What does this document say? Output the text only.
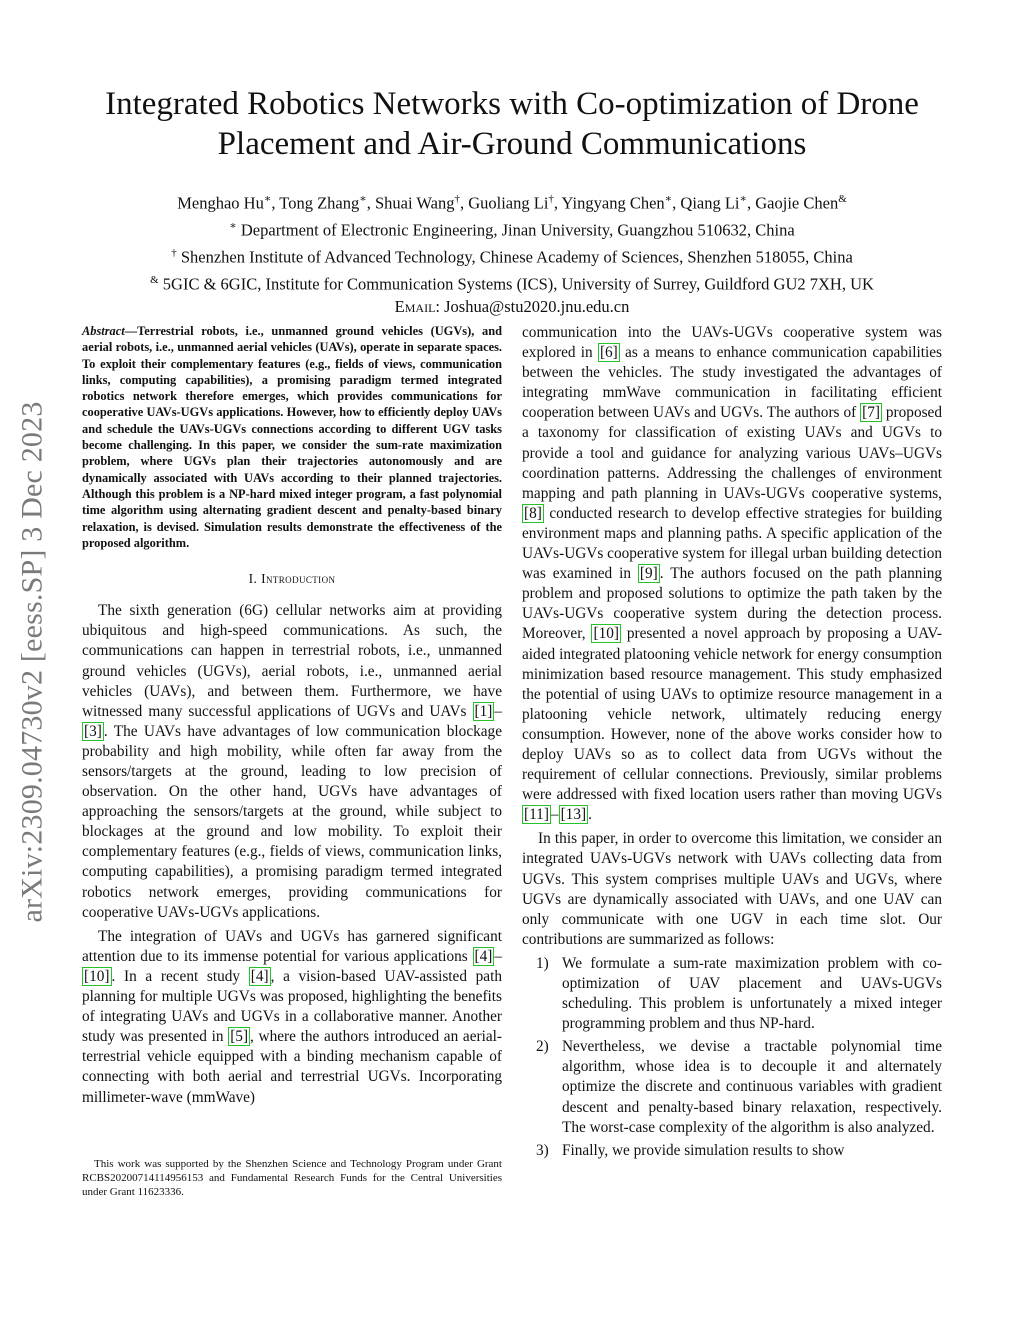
arXiv:2309.04730v2 [eess.SP] 3 Dec 2023
Integrated Robotics Networks with Co-optimization of Drone Placement and Air-Ground Communications
Menghao Hu∗, Tong Zhang∗, Shuai Wang†, Guoliang Li†, Yingyang Chen∗, Qiang Li∗, Gaojie Chen&
∗ Department of Electronic Engineering, Jinan University, Guangzhou 510632, China
† Shenzhen Institute of Advanced Technology, Chinese Academy of Sciences, Shenzhen 518055, China
& 5GIC & 6GIC, Institute for Communication Systems (ICS), University of Surrey, Guildford GU2 7XH, UK
Email: Joshua@stu2020.jnu.edu.cn

Abstract—Terrestrial robots, i.e., unmanned ground vehicles (UGVs), and aerial robots, i.e., unmanned aerial vehicles (UAVs), operate in separate spaces. To exploit their complementary features (e.g., fields of views, communication links, computing capabilities), a promising paradigm termed integrated robotics network therefore emerges, which provides communications for cooperative UAVs-UGVs applications. However, how to efficiently deploy UAVs and schedule the UAVs-UGVs connections according to different UGV tasks become challenging. In this paper, we consider the sum-rate maximization problem, where UGVs plan their trajectories autonomously and are dynamically associated with UAVs according to their planned trajectories. Although this problem is a NP-hard mixed integer program, a fast polynomial time algorithm using alternating gradient descent and penalty-based binary relaxation, is devised. Simulation results demonstrate the effectiveness of the proposed algorithm.

I. Introduction

The sixth generation (6G) cellular networks aim at providing ubiquitous and high-speed communications. As such, the communications can happen in terrestrial robots, i.e., unmanned ground vehicles (UGVs), aerial robots, i.e., unmanned aerial vehicles (UAVs), and between them. Furthermore, we have witnessed many successful applications of UGVs and UAVs [1] –[3] . The UAVs have advantages of low communication blockage probability and high mobility, while often far away from the sensors/targets at the ground, leading to low precision of observation. On the other hand, UGVs have advantages of approaching the sensors/targets at the ground, while subject to blockages at the ground and low mobility. To exploit their complementary features (e.g., fields of views, communication links, computing capabilities), a promising paradigm termed integrated robotics network emerges, providing communications for cooperative UAVs-UGVs applications.

The integration of UAVs and UGVs has garnered significant attention due to its immense potential for various applications [4] –[10] . In a recent study [4] , a vision-based UAV-assisted path planning for multiple UGVs was proposed, highlighting the benefits of integrating UAVs and UGVs in a collaborative manner. Another study was presented in [5] , where the authors introduced an aerial-terrestrial vehicle equipped with a binding mechanism capable of connecting with both aerial and terrestrial UGVs. Incorporating millimeter-wave (mmWave)

This work was supported by the Shenzhen Science and Technology Program under Grant RCBS20200714114956153 and Fundamental Research Funds for the Central Universities under Grant 11623336.

communication into the UAVs-UGVs cooperative system was explored in [6] as a means to enhance communication capabilities between the vehicles. The study investigated the advantages of integrating mmWave communication in facilitating efficient cooperation between UAVs and UGVs. The authors of [7] proposed a taxonomy for classification of existing UAVs and UGVs to provide a tool and guidance for analyzing various UAVs–UGVs coordination patterns. Addressing the challenges of environment mapping and path planning in UAVs-UGVs cooperative systems, [8] conducted research to develop effective strategies for building environment maps and planning paths. A specific application of the UAVs-UGVs cooperative system for illegal urban building detection was examined in [9] . The authors focused on the path planning problem and proposed solutions to optimize the path taken by the UAVs-UGVs cooperative system during the detection process. Moreover, [10] presented a novel approach by proposing a UAV-aided integrated platooning vehicle network for energy consumption minimization based resource management. This study emphasized the potential of using UAVs to optimize resource management in a platooning vehicle network, ultimately reducing energy consumption. However, none of the above works consider how to deploy UAVs so as to collect data from UGVs without the requirement of cellular connections. Previously, similar problems were addressed with fixed location users rather than moving UGVs [11] – [13] .

In this paper, in order to overcome this limitation, we consider an integrated UAVs-UGVs network with UAVs collecting data from UGVs. This system comprises multiple UAVs and UGVs, where UGVs are dynamically associated with UAVs, and one UAV can only communicate with one UGV in each time slot. Our contributions are summarized as follows:

1) We formulate a sum-rate maximization problem with co-optimization of UAV placement and UAVs-UGVs scheduling. This problem is unfortunately a mixed integer programming problem and thus NP-hard.
2) Nevertheless, we devise a tractable polynomial time algorithm, whose idea is to decouple it and alternately optimize the discrete and continuous variables with gradient descent and penalty-based binary relaxation, respectively. The worst-case complexity of the algorithm is also analyzed.
3) Finally, we provide simulation results to show
